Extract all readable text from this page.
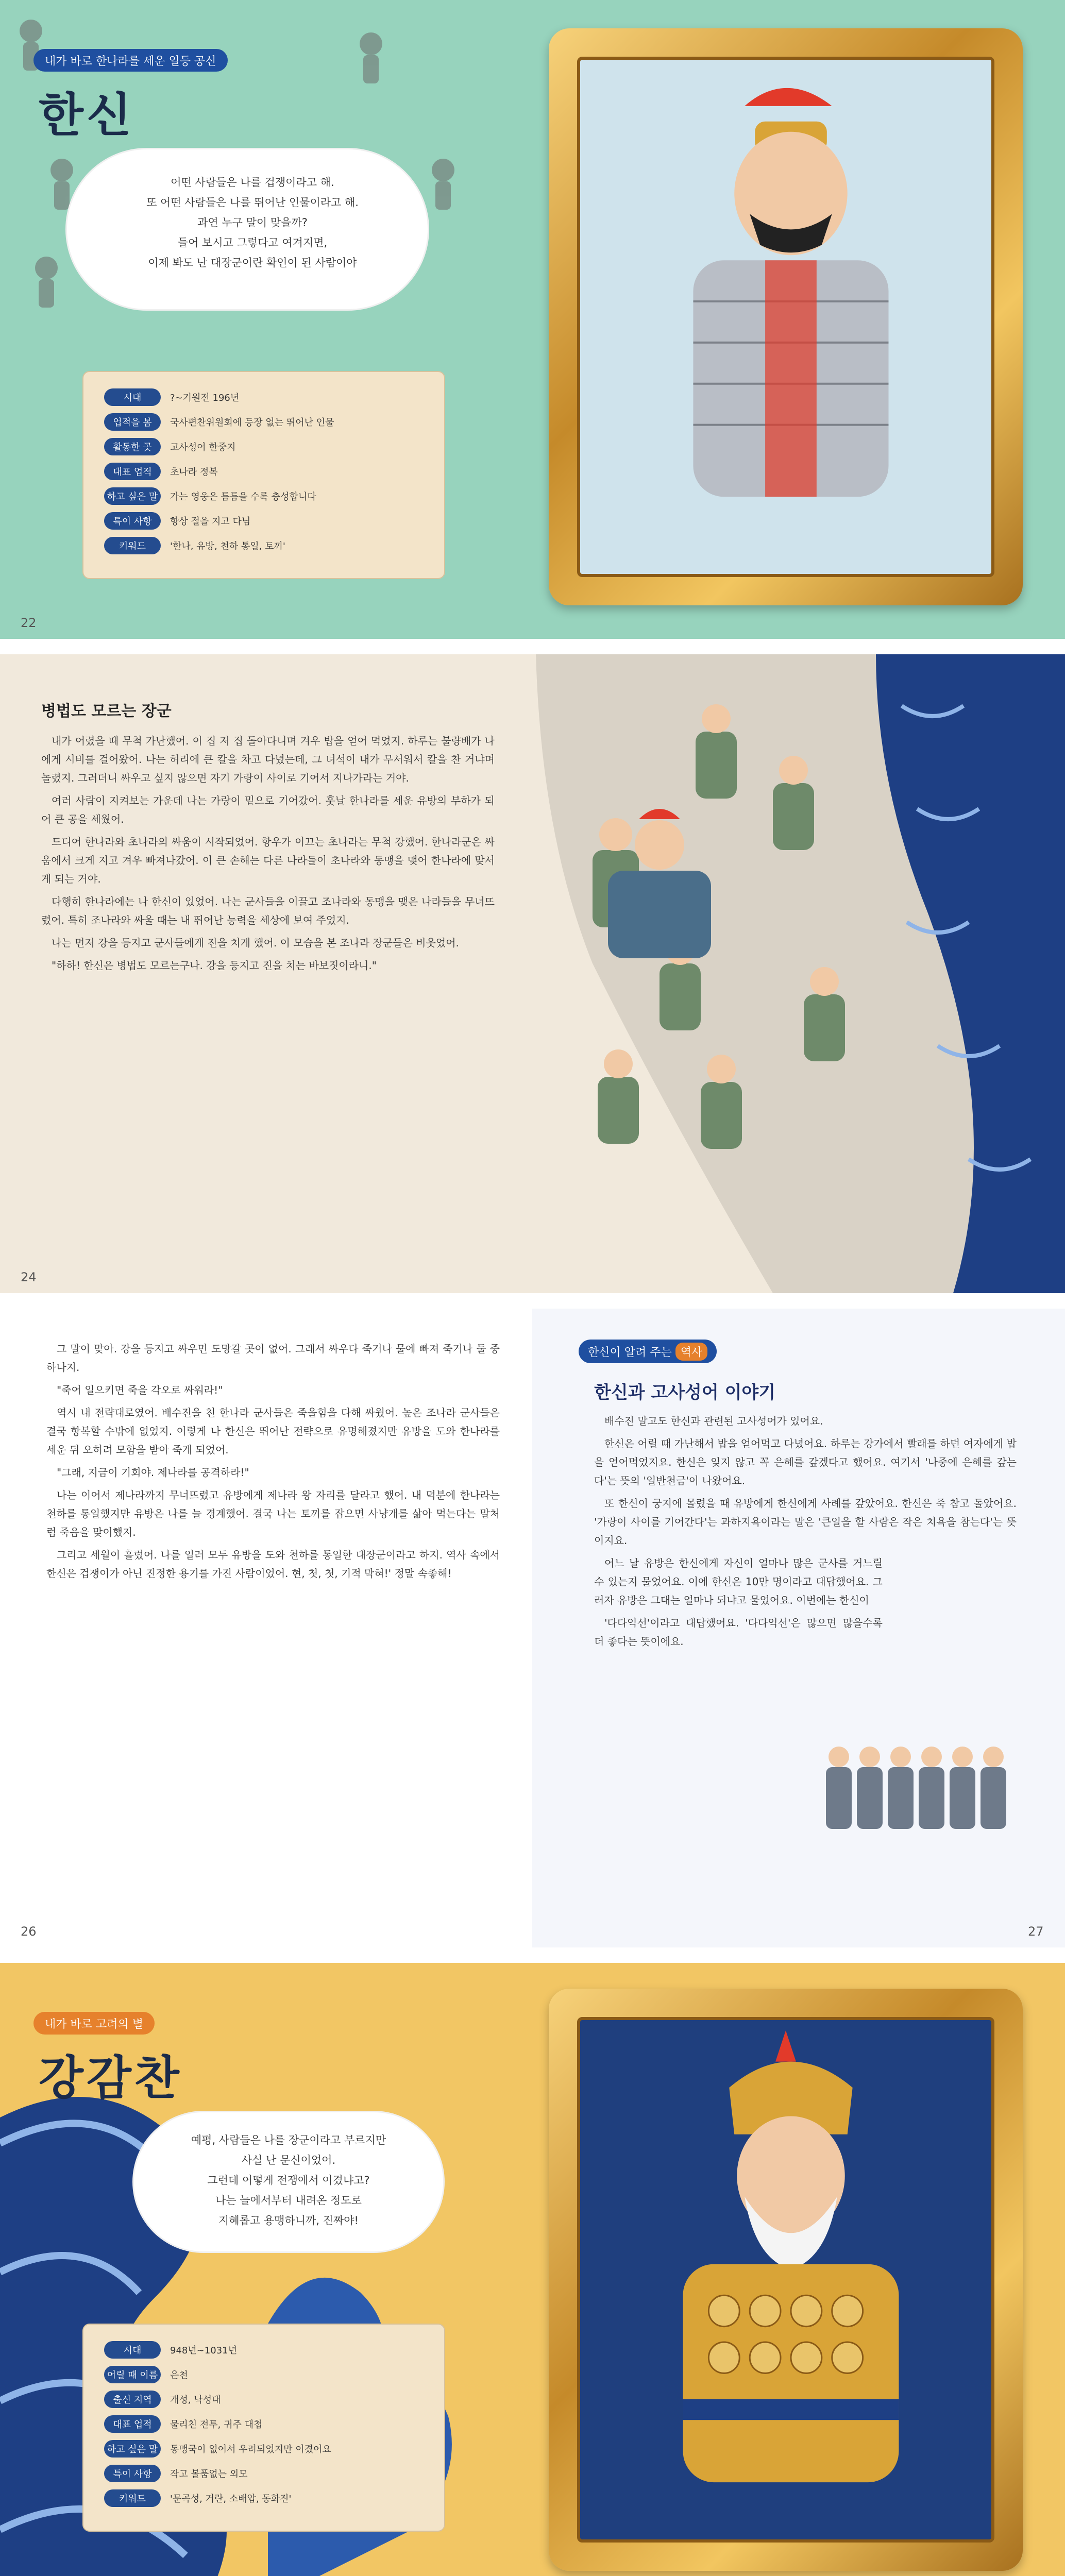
내가 바로 한나라를 세운 일등 공신
한신
어떤 사람들은 나를 겁쟁이라고 해.
또 어떤 사람들은 나를 뛰어난 인물이라고 해.
과연 누구 말이 맞을까?
들어 보시고 그렇다고 여겨지면,
이제 봐도 난 대장군이란 확인이 된 사람이야
시대	?~기원전 196년
업적을 봄	국사편찬위원회에 등장 없는 뛰어난 인물
활동한 곳	고사성어 한중지
대표 업적	초나라 정복
하고 싶은 말	가는 영웅은 틈틈을 수록 충성합니다
특이 사항	항상 절을 지고 다님
키워드	'한나, 유방, 천하 통일, 토끼'
22
병법도 모르는 장군

내가 어렸을 때 무척 가난했어. 이 집 저 집 돌아다니며 겨우 밥을 얻어 먹었지. 하루는 불량배가 나에게 시비를 걸어왔어. 나는 허리에 큰 칼을 차고 다녔는데, 그 녀석이 내가 무서워서 칼을 찬 거냐며 놀렸지. 그러더니 싸우고 싶지 않으면 자기 가랑이 사이로 기어서 지나가라는 거야.

여러 사람이 지켜보는 가운데 나는 가랑이 밑으로 기어갔어. 훗날 한나라를 세운 유방의 부하가 되어 큰 공을 세웠어.

드디어 한나라와 초나라의 싸움이 시작되었어. 항우가 이끄는 초나라는 무척 강했어. 한나라군은 싸움에서 크게 지고 겨우 빠져나갔어. 이 큰 손해는 다른 나라들이 초나라와 동맹을 맺어 한나라에 맞서게 되는 거야.

다행히 한나라에는 나 한신이 있었어. 나는 군사들을 이끌고 조나라와 동맹을 맺은 나라들을 무너뜨렸어. 특히 조나라와 싸울 때는 내 뛰어난 능력을 세상에 보여 주었지.

나는 먼저 강을 등지고 군사들에게 진을 치게 했어. 이 모습을 본 조나라 장군들은 비웃었어.

"하하! 한신은 병법도 모르는구나. 강을 등지고 진을 치는 바보짓이라니."

24

그 말이 맞아. 강을 등지고 싸우면 도망갈 곳이 없어. 그래서 싸우다 죽거나 물에 빠져 죽거나 둘 중 하나지.

"죽어 일으키면 죽을 각오로 싸워라!"

역시 내 전략대로였어. 배수진을 친 한나라 군사들은 죽을힘을 다해 싸웠어. 높은 조나라 군사들은 결국 항복할 수밖에 없었지. 이렇게 나 한신은 뛰어난 전략으로 유명해졌지만 유방을 도와 한나라를 세운 뒤 오히려 모함을 받아 죽게 되었어.

"그래, 지금이 기회야. 제나라를 공격하라!"

나는 이어서 제나라까지 무너뜨렸고 유방에게 제나라 왕 자리를 달라고 했어. 내 덕분에 한나라는 천하를 통일했지만 유방은 나를 늘 경계했어. 결국 나는 토끼를 잡으면 사냥개를 삶아 먹는다는 말처럼 죽음을 맞이했지.

그리고 세월이 흘렀어. 나를 일러 모두 유방을 도와 천하를 통일한 대장군이라고 하지. 역사 속에서 한신은 겁쟁이가 아닌 진정한 용기를 가진 사람이었어. 현, 첫, 첫, 기적 막혀!' 정말 속좋해!

한신이 알려 주는
역사
한신과 고사성어 이야기

배수진 말고도 한신과 관련된 고사성어가 있어요.

한신은 어릴 때 가난해서 밥을 얻어먹고 다녔어요. 하루는 강가에서 빨래를 하던 여자에게 밥을 얻어먹었지요. 한신은 잊지 않고 꼭 은혜를 갚겠다고 했어요. 여기서 '나중에 은혜를 갚는다'는 뜻의 '일반천금'이 나왔어요.

또 한신이 궁지에 몰렸을 때 유방에게 한신에게 사례를 갚았어요. 한신은 죽 참고 돌았어요. '가랑이 사이를 기어간다'는 과하지욕이라는 말은 '큰일을 할 사람은 작은 치욕을 참는다'는 뜻이지요.

어느 날 유방은 한신에게 자신이 얼마나 많은 군사를 거느릴 수 있는지 물었어요. 이에 한신은 10만 명이라고 대답했어요. 그러자 유방은 그대는 얼마나 되냐고 물었어요. 이번에는 한신이

'다다익선'이라고 대답했어요. '다다익선'은 많으면 많을수록 더 좋다는 뜻이에요.

26	27
내가 바로 고려의 별
강감찬
예평, 사람들은 나를 장군이라고 부르지만
사실 난 문신이었어.
그런데 어떻게 전쟁에서 이겼냐고?
나는 늘에서부터 내려온 정도로
지혜롭고 용맹하니까, 진짜야!
시대	948년~1031년
어릴 때 이름	은천
출신 지역	개성, 낙성대
대표 업적	물리친 전투, 귀주 대첩
하고 싶은 말	동맹국이 없어서 우려되었지만 이겼어요
특이 사항	작고 볼품없는 외모
키워드	'문곡성, 거란, 소배압, 동화진'
